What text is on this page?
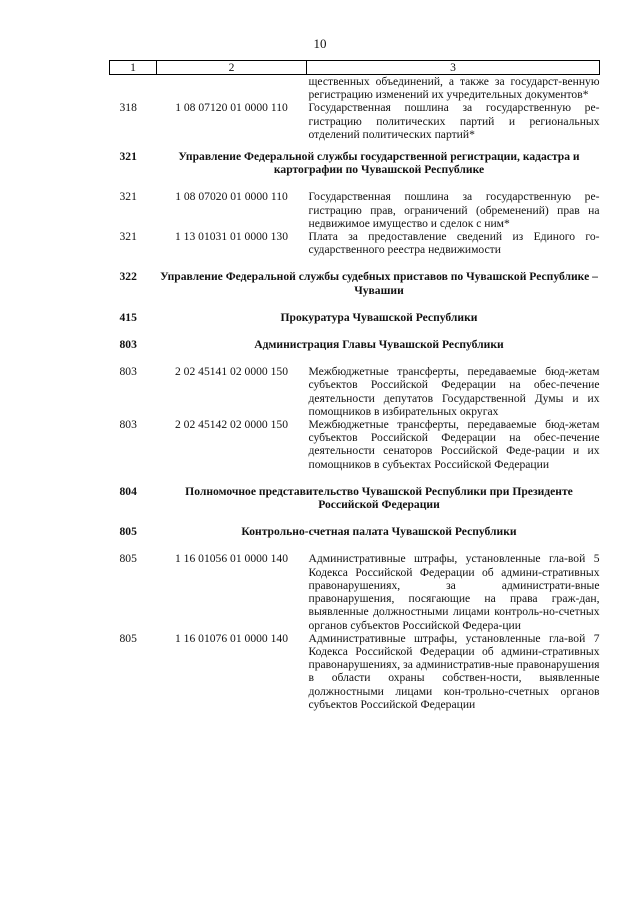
10
1	2	3
		щественных объединений, а также за государст-венную регистрацию изменений их учредительных документов*
318	1 08 07120 01 0000 110	Государственная пошлина за государственную ре-гистрацию политических партий и региональных отделений политических партий*

321	Управление Федеральной службы государственной регистрации, кадастра и картографии по Чувашской Республике	

321	1 08 07020 01 0000 110	Государственная пошлина за государственную ре-гистрацию прав, ограничений (обременений) прав на недвижимое имущество и сделок с ним*
321	1 13 01031 01 0000 130	Плата за предоставление сведений из Единого го-сударственного реестра недвижимости

322	Управление Федеральной службы судебных приставов по Чувашской Республике – Чувашии	

415	Прокуратура Чувашской Республики	

803	Администрация Главы Чувашской Республики	

803	2 02 45141 02 0000 150	Межбюджетные трансферты, передаваемые бюд-жетам субъектов Российской Федерации на обес-печение деятельности депутатов Государственной Думы и их помощников в избирательных округах
803	2 02 45142 02 0000 150	Межбюджетные трансферты, передаваемые бюд-жетам субъектов Российской Федерации на обес-печение деятельности сенаторов Российской Феде-рации и их помощников в субъектах Российской Федерации

804	Полномочное представительство Чувашской Республики при Президенте Российской Федерации	

805	Контрольно-счетная палата Чувашской Республики	

805	1 16 01056 01 0000 140	Административные штрафы, установленные гла-вой 5 Кодекса Российской Федерации об админи-стративных правонарушениях, за администрати-вные правонарушения, посягающие на права граж-дан, выявленные должностными лицами контроль-но-счетных органов субъектов Российской Федера-ции
805	1 16 01076 01 0000 140	Административные штрафы, установленные гла-вой 7 Кодекса Российской Федерации об админи-стративных правонарушениях, за административ-ные правонарушения в области охраны собствен-ности, выявленные должностными лицами кон-трольно-счетных органов субъектов Российской Федерации
